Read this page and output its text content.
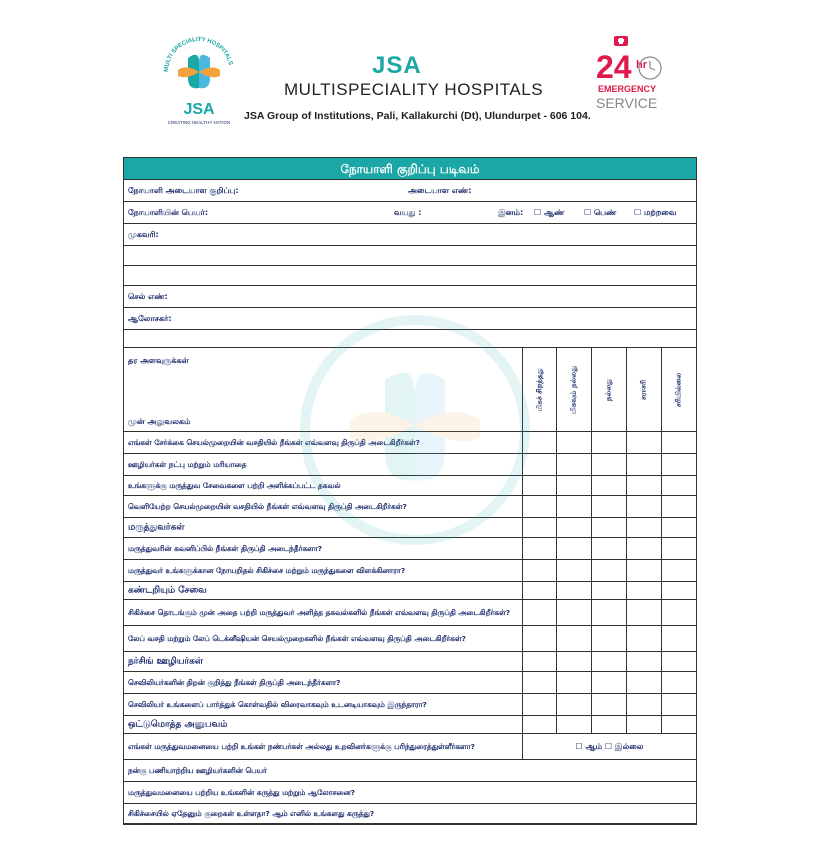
MULTI SPECIALITY HOSPITALS
JSA
CREATING HEALTHY NATION
JSA
MULTISPECIALITY HOSPITALS
JSA Group of Institutions, Pali, Kallakurchi (Dt), Ulundurpet - 606 104.
24 hr
EMERGENCY
SERVICE
நோயாளி குறிப்பு படிவம்
நோயாளி அடையாள குறிப்பு:	அடையாள எண்:
நோயாளியின் பெயர்:	வயது :	இனம்: ☐ ஆண் ☐ பெண் ☐ மற்றவை
முகவரி:
செல் எண்:
ஆலோசகர்:
தர அளவுருக்கள்
முன் அலுவலகம்
மிகச் சிறந்தது	மிகவும் நல்லது	நல்லது	சராசரி	சரியில்லை
எங்கள் சேர்க்கை செயல்முறையின் வசதியில் நீங்கள் எவ்வளவு திருப்தி அடைகிறீர்கள்?
ஊழியர்கள் நட்பு மற்றும் மரியாதை
உங்களுக்கு மருத்துவ சேவைகளை பற்றி அளிக்கப்பட்ட தகவல்
வெளியேற்ற செயல்முறையின் வசதியில் நீங்கள் எவ்வளவு திருப்தி அடைகிறீர்கள்?
மருத்துவர்கள்
மருத்துவரின் கவனிப்பில் நீங்கள் திருப்தி அடைந்தீர்களா?
மருத்துவர் உங்களுக்கான நோயறிதல் சிகிச்சை மற்றும் மருந்துகளை விளக்கினாரா?
கண்டறியும் சேவை
சிகிச்சை தொடங்கும் முன் அதை பற்றி மருத்துவர் அளித்த தகவல்களில் நீங்கள் எவ்வளவு திருப்தி அடைகிறீர்கள்?
லேப் வசதி மற்றும் லேப் டெக்னீஷியன் செயல்முறைகளில் நீங்கள் எவ்வளவு திருப்தி அடைகிறீர்கள்?
நர்சிங் ஊழியர்கள்
செவிலியர்களின் திறன் குறித்து நீங்கள் திருப்தி அடைந்தீர்களா?
செவிலியர் உங்களைப் பார்த்துக் கொள்வதில் விரைவாகவும் உடனடியாகவும் இருந்தாரா?
ஒட்டுமொத்த அனுபவம்
எங்கள் மருத்துவமனையை பற்றி உங்கள் நண்பர்கள் அல்லது உறவினர்களுக்கு பரிந்துரைத்துள்ளீர்களா?	☐ ஆம் ☐ இல்லை
நன்கு பணியாற்றிய ஊழியர்களின் பெயர்
மருத்துவமனையை பற்றிய உங்களின் கருத்து மற்றும் ஆலோசனை?
சிகிச்சையில் ஏதேனும் குறைகள் உள்ளதா? ஆம் எனில் உங்களது கருத்து?
